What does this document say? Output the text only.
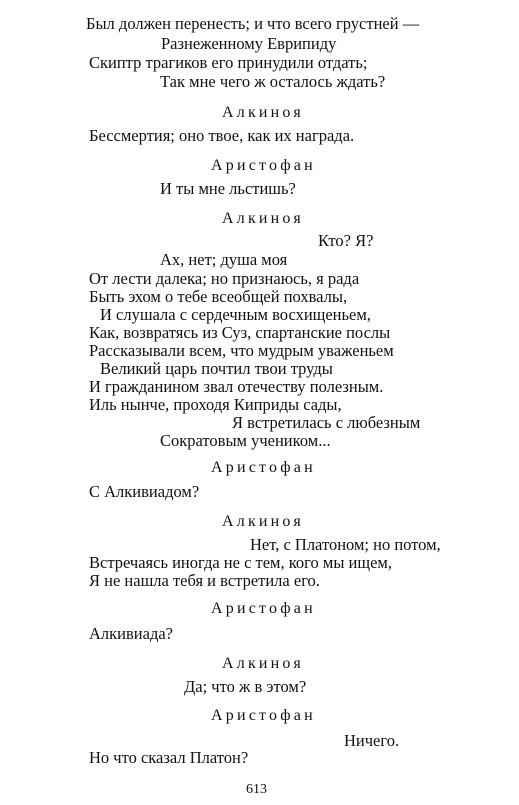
Был должен перенесть; и что всего грустней —
Разнеженному Еврипиду
Скиптр трагиков его принудили отдать;
Так мне чего ж осталось ждать?
Алкиноя
Бессмертия; оно твое, как их награда.
Аристофан
И ты мне льстишь?
Алкиноя
Кто? Я?
Ах, нет; душа моя
От лести далека; но признаюсь, я рада
Быть эхом о тебе всеобщей похвалы,
И слушала с сердечным восхищеньем,
Как, возвратясь из Суз, спартанские послы
Рассказывали всем, что мудрым уваженьем
Великий царь почтил твои труды
И гражданином звал отечеству полезным.
Иль нынче, проходя Киприды сады,
Я встретилась с любезным
Сократовым учеником...
Аристофан
С Алкивиадом?
Алкиноя
Нет, с Платоном; но потом,
Встречаясь иногда не с тем, кого мы ищем,
Я не нашла тебя и встретила его.
Аристофан
Алкивиада?
Алкиноя
Да; что ж в этом?
Аристофан
Ничего.
Но что сказал Платон?
613
